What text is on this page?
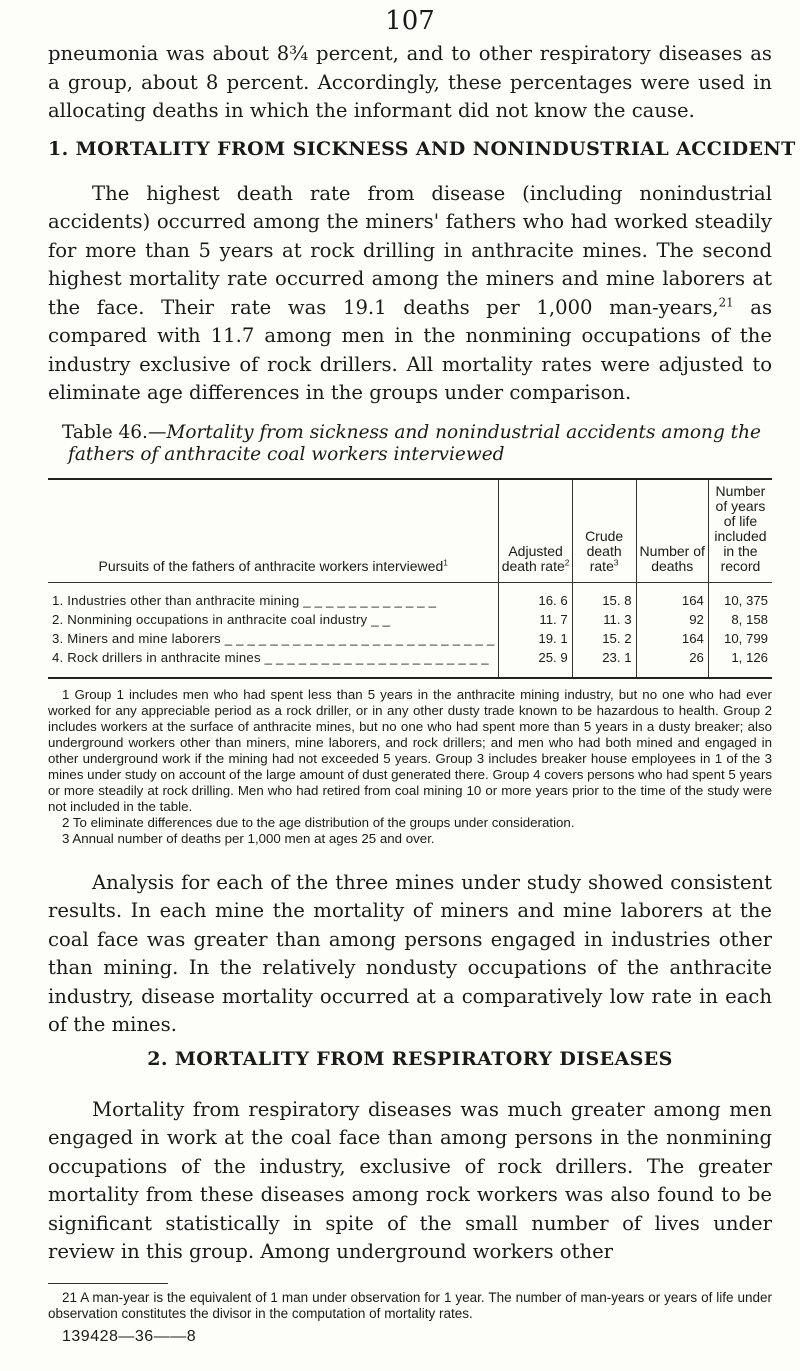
107

pneumonia was about 8¾ percent, and to other respiratory diseases as a group, about 8 percent. Accordingly, these percentages were used in allocating deaths in which the informant did not know the cause.

1. MORTALITY FROM SICKNESS AND NONINDUSTRIAL ACCIDENT

The highest death rate from disease (including nonindustrial accidents) occurred among the miners' fathers who had worked steadily for more than 5 years at rock drilling in anthracite mines. The second highest mortality rate occurred among the miners and mine laborers at the face. Their rate was 19.1 deaths per 1,000 man-years,$^{21}$ as compared with 11.7 among men in the nonmining occupations of the industry exclusive of rock drillers. All mortality rates were adjusted to eliminate age differences in the groups under comparison.

Table 46.—Mortality from sickness and nonindustrial accidents among the fathers of anthracite coal workers interviewed
Pursuits of the fathers of anthracite workers interviewed$^1$	Adjusted death rate$^2$	Crude death rate$^3$	Number of deaths	Number of years of life included in the record
1. Industries other than anthracite mining _ _ _ _ _ _ _ _ _ _ _ _	16. 6	15. 8	164	10, 375
2. Nonmining occupations in anthracite coal industry _ _	11. 7	11. 3	92	8, 158
3. Miners and mine laborers _ _ _ _ _ _ _ _ _ _ _ _ _ _ _ _ _ _ _ _ _ _ _ _	19. 1	15. 2	164	10, 799
4. Rock drillers in anthracite mines _ _ _ _ _ _ _ _ _ _ _ _ _ _ _ _ _ _ _ _	25. 9	23. 1	26	1, 126

1 Group 1 includes men who had spent less than 5 years in the anthracite mining industry, but no one who had ever worked for any appreciable period as a rock driller, or in any other dusty trade known to be hazardous to health. Group 2 includes workers at the surface of anthracite mines, but no one who had spent more than 5 years in a dusty breaker; also underground workers other than miners, mine laborers, and rock drillers; and men who had both mined and engaged in other underground work if the mining had not exceeded 5 years. Group 3 includes breaker house employees in 1 of the 3 mines under study on account of the large amount of dust generated there. Group 4 covers persons who had spent 5 years or more steadily at rock drilling. Men who had retired from coal mining 10 or more years prior to the time of the study were not included in the table.

2 To eliminate differences due to the age distribution of the groups under consideration.

3 Annual number of deaths per 1,000 men at ages 25 and over.

Analysis for each of the three mines under study showed consistent results. In each mine the mortality of miners and mine laborers at the coal face was greater than among persons engaged in industries other than mining. In the relatively nondusty occupations of the anthracite industry, disease mortality occurred at a comparatively low rate in each of the mines.

2. MORTALITY FROM RESPIRATORY DISEASES

Mortality from respiratory diseases was much greater among men engaged in work at the coal face than among persons in the nonmining occupations of the industry, exclusive of rock drillers. The greater mortality from these diseases among rock workers was also found to be significant statistically in spite of the small number of lives under review in this group. Among underground workers other

21 A man-year is the equivalent of 1 man under observation for 1 year. The number of man-years or years of life under observation constitutes the divisor in the computation of mortality rates.

139428—36——8
